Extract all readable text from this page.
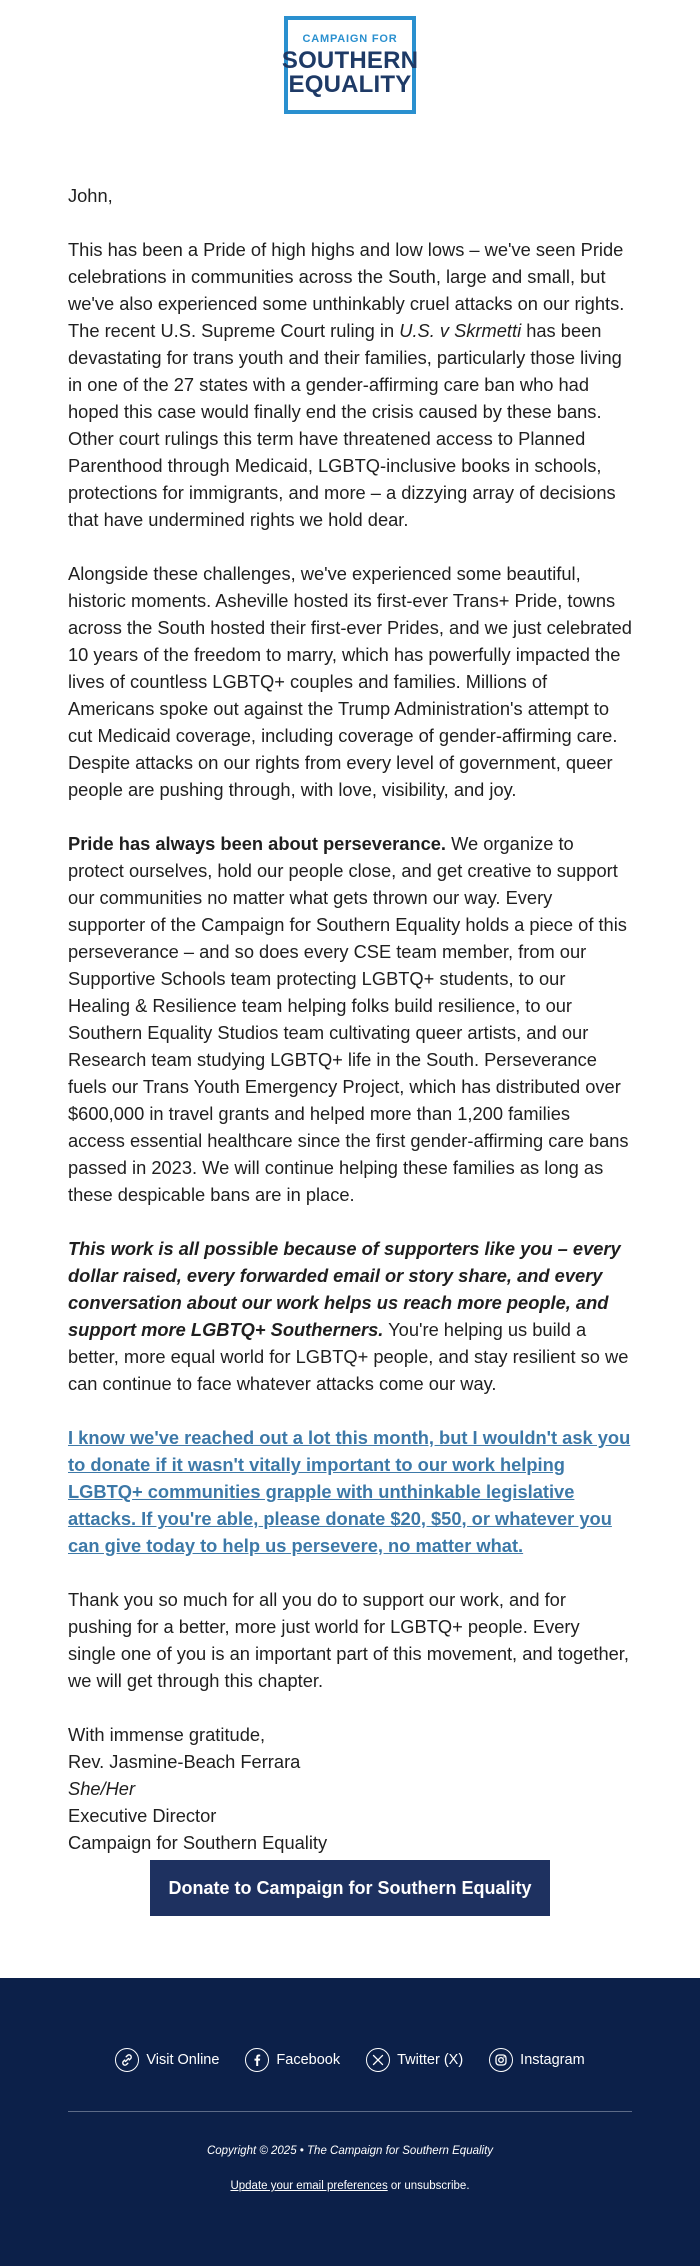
CAMPAIGN FOR
SOUTHERN
EQUALITY

John,

This has been a Pride of high highs and low lows – we've seen Pride celebrations in communities across the South, large and small, but we've also experienced some unthinkably cruel attacks on our rights. The recent U.S. Supreme Court ruling in U.S. v Skrmetti has been devastating for trans youth and their families, particularly those living in one of the 27 states with a gender-affirming care ban who had hoped this case would finally end the crisis caused by these bans. Other court rulings this term have threatened access to Planned Parenthood through Medicaid, LGBTQ-inclusive books in schools, protections for immigrants, and more – a dizzying array of decisions that have undermined rights we hold dear.

Alongside these challenges, we've experienced some beautiful, historic moments. Asheville hosted its first-ever Trans+ Pride, towns across the South hosted their first-ever Prides, and we just celebrated 10 years of the freedom to marry, which has powerfully impacted the lives of countless LGBTQ+ couples and families. Millions of Americans spoke out against the Trump Administration's attempt to cut Medicaid coverage, including coverage of gender-affirming care. Despite attacks on our rights from every level of government, queer people are pushing through, with love, visibility, and joy.

Pride has always been about perseverance. We organize to protect ourselves, hold our people close, and get creative to support our communities no matter what gets thrown our way. Every supporter of the Campaign for Southern Equality holds a piece of this perseverance – and so does every CSE team member, from our Supportive Schools team protecting LGBTQ+ students, to our Healing & Resilience team helping folks build resilience, to our Southern Equality Studios team cultivating queer artists, and our Research team studying LGBTQ+ life in the South. Perseverance fuels our Trans Youth Emergency Project, which has distributed over $600,000 in travel grants and helped more than 1,200 families access essential healthcare since the first gender-affirming care bans passed in 2023. We will continue helping these families as long as these despicable bans are in place.

This work is all possible because of supporters like you – every dollar raised, every forwarded email or story share, and every conversation about our work helps us reach more people, and support more LGBTQ+ Southerners. You're helping us build a better, more equal world for LGBTQ+ people, and stay resilient so we can continue to face whatever attacks come our way.

I know we've reached out a lot this month, but I wouldn't ask you to donate if it wasn't vitally important to our work helping LGBTQ+ communities grapple with unthinkable legislative attacks. If you're able, please donate $20, $50, or whatever you can give today to help us persevere, no matter what.

Thank you so much for all you do to support our work, and for pushing for a better, more just world for LGBTQ+ people. Every single one of you is an important part of this movement, and together, we will get through this chapter.

With immense gratitude,
Rev. Jasmine-Beach Ferrara
She/Her
Executive Director
Campaign for Southern Equality
Donate to Campaign for Southern Equality
Visit Online	Facebook	Twitter (X)	Instagram
Copyright © 2025 • The Campaign for Southern Equality
Update your email preferences or unsubscribe.
